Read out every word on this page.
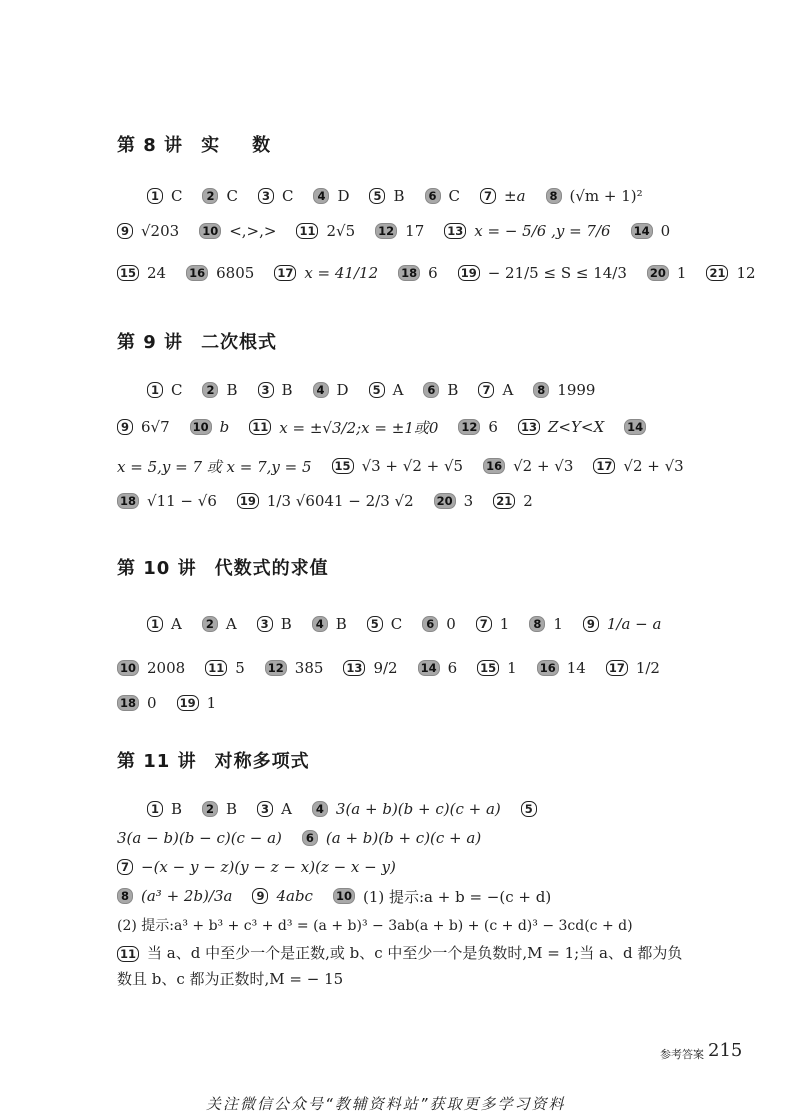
第 8 讲 实 数
1 C	2 C	3 C	4 D	5 B	6 C	7 ±a	8 (√m + 1)²
9 √203 10 <,>,> 11 2√5 12 17 13 x = − 5/6 ,y = 7/6 14 0
15 24 16 6805 17 x = 41/12 18 6 19 − 21/5 ≤ S ≤ 14/3 20 1 21 12
第 9 讲 二次根式
1 C	2 B	3 B	4 D	5 A	6 B	7 A	8 1999
9 6√7 10 b 11 x = ±√3/2;x = ±1或0 12 6 13 Z<Y<X 14
x = 5,y = 7 或 x = 7,y = 5 15 √3 + √2 + √5 16 √2 + √3 17 √2 + √3
18 √11 − √6 19 1/3 √6041 − 2/3 √2 20 3 21 2
第 10 讲 代数式的求值
1 A	2 A	3 B	4 B	5 C	6 0	7 1	8 1	9 1/a − a
10 2008 11 5 12 385 13 9/2 14 6 15 1 16 14 17 1/2
18 0 19 1
第 11 讲 对称多项式
1 B	2 B	3 A	4 3(a + b)(b + c)(c + a)	5
3(a − b)(b − c)(c − a)	6 (a + b)(b + c)(c + a)
7 −(x − y − z)(y − z − x)(z − x − y)
8 (a³ + 2b)/3a	9 4abc 10 (1) 提示:a + b = −(c + d)
(2) 提示:a³ + b³ + c³ + d³ = (a + b)³ − 3ab(a + b) + (c + d)³ − 3cd(c + d)
11 当 a、d 中至少一个是正数,或 b、c 中至少一个是负数时,M = 1;当 a、d 都为负数且 b、c 都为正数时,M = − 15
参考答案 215
关注微信公众号“教辅资料站”获取更多学习资料
